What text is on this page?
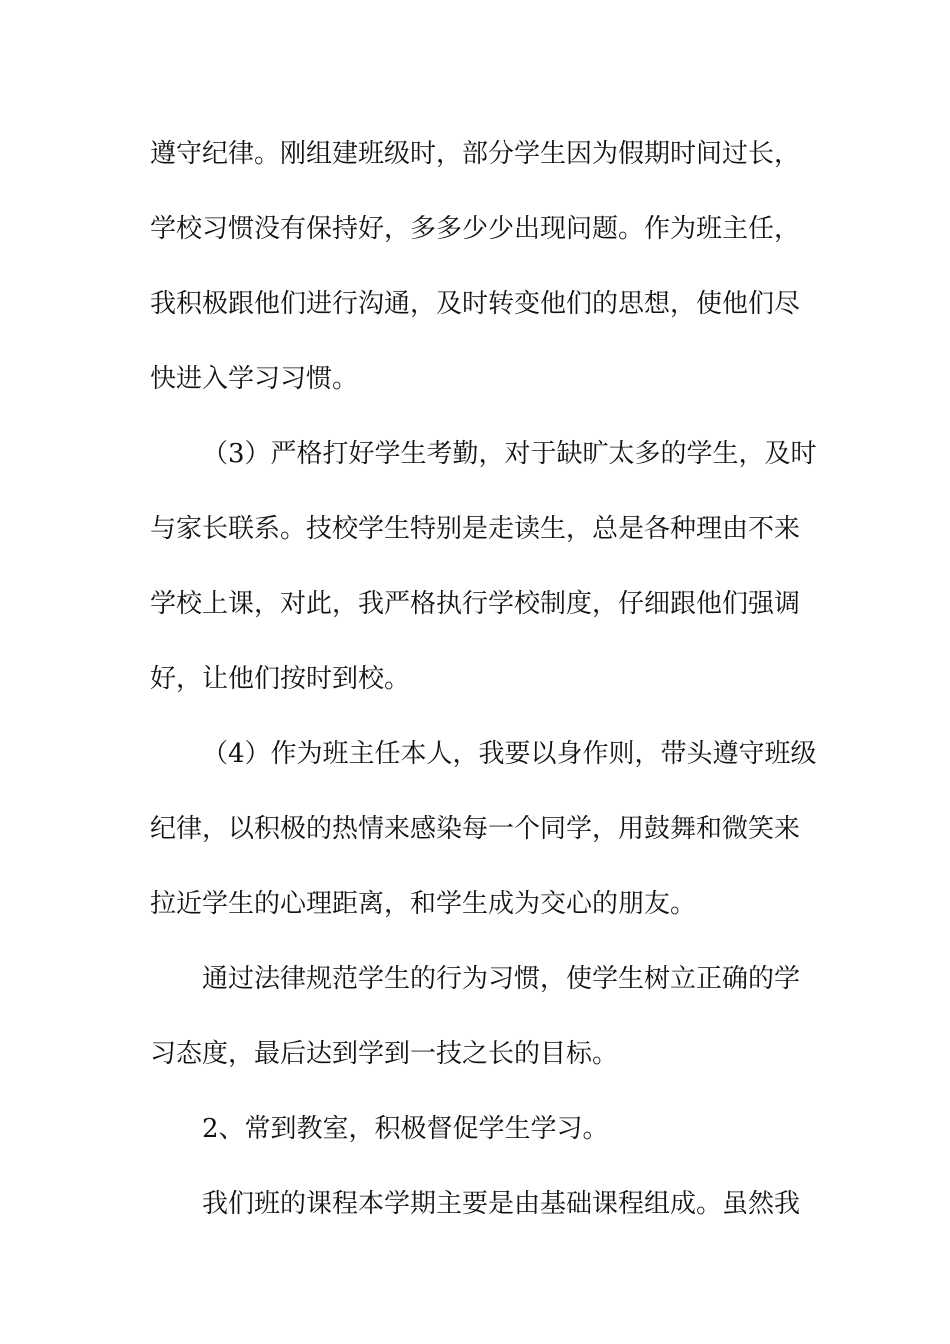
遵守纪律。刚组建班级时，部分学生因为假期时间过长，
学校习惯没有保持好，多多少少出现问题。作为班主任，
我积极跟他们进行沟通，及时转变他们的思想，使他们尽
快进入学习习惯。
（3）严格打好学生考勤，对于缺旷太多的学生，及时
与家长联系。技校学生特别是走读生，总是各种理由不来
学校上课，对此，我严格执行学校制度，仔细跟他们强调
好，让他们按时到校。
（4）作为班主任本人，我要以身作则，带头遵守班级
纪律，以积极的热情来感染每一个同学，用鼓舞和微笑来
拉近学生的心理距离，和学生成为交心的朋友。
通过法律规范学生的行为习惯，使学生树立正确的学
习态度，最后达到学到一技之长的目标。
2、常到教室，积极督促学生学习。
我们班的课程本学期主要是由基础课程组成。虽然我
